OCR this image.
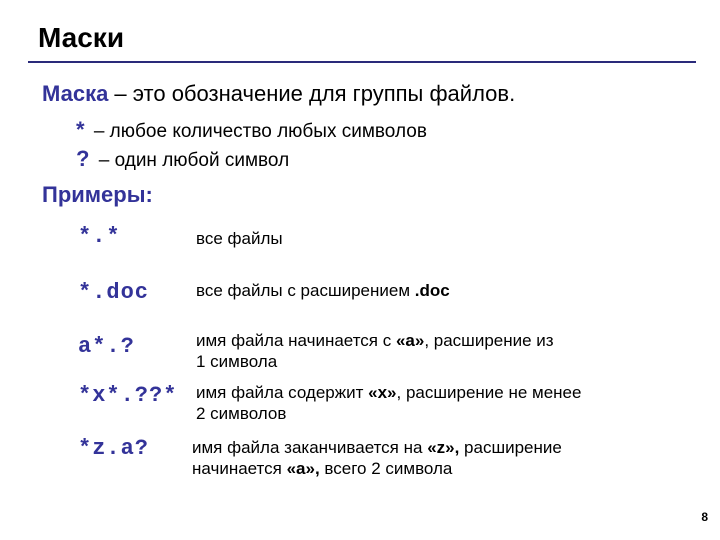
Маски
Маска – это обозначение для группы файлов.
* – любое количество любых символов
? – один любой символ
Примеры:
*.*	все файлы
*.doc	все файлы с расширением .doc
a*.?	имя файла начинается с «a», расширение из
1 символа
*x*.??* имя файла содержит «x», расширение не менее
2 символов
*z.a?	имя файла заканчивается на «z», расширение
начинается «a», всего 2 символа
8
